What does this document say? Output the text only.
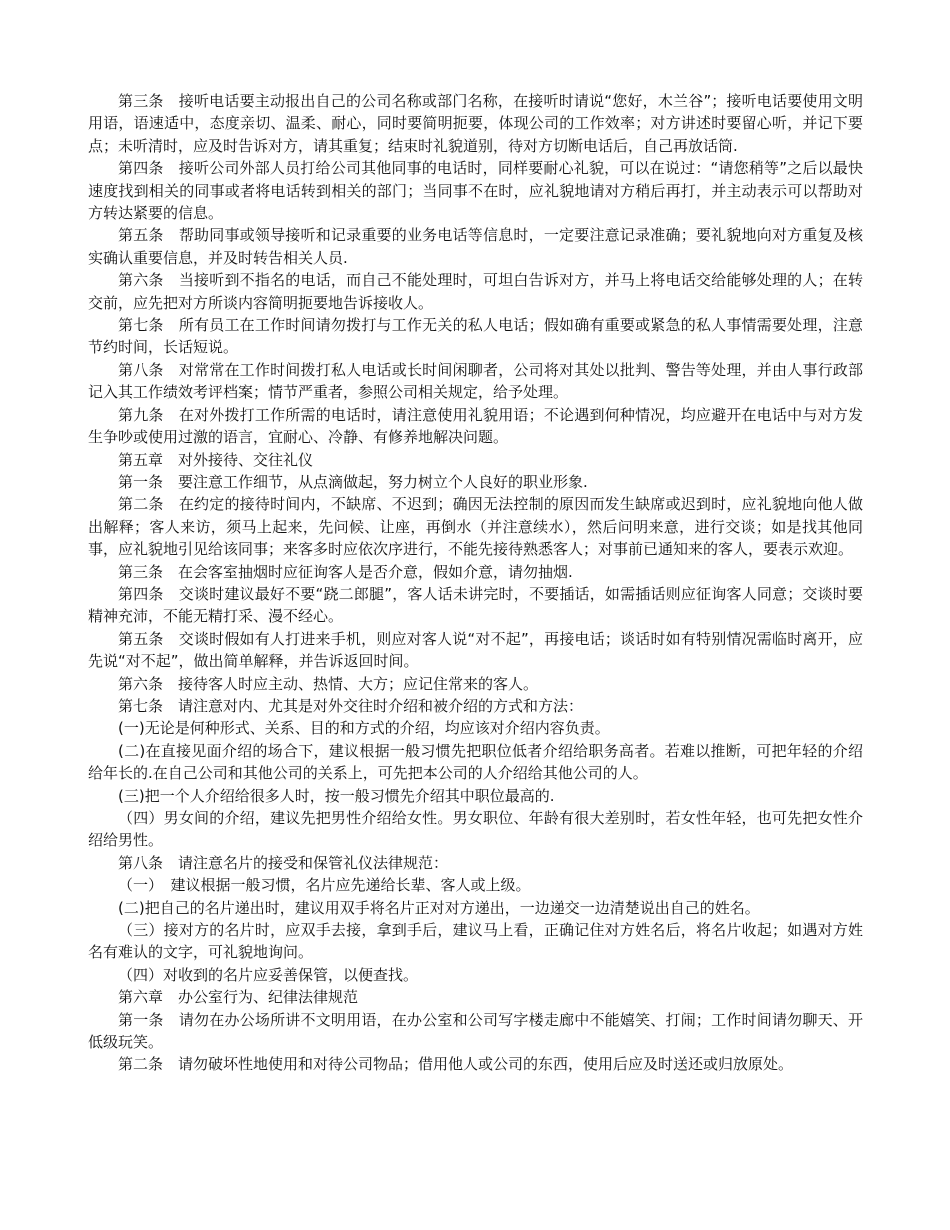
第三条　接听电话要主动报出自己的公司名称或部门名称，在接听时请说“您好，木兰谷”；接听电话要使用文明用语，语速适中，态度亲切、温柔、耐心，同时要简明扼要，体现公司的工作效率；对方讲述时要留心听，并记下要点；未听清时，应及时告诉对方，请其重复；结束时礼貌道别，待对方切断电话后，自己再放话筒.

第四条　接听公司外部人员打给公司其他同事的电话时，同样要耐心礼貌，可以在说过：“请您稍等”之后以最快速度找到相关的同事或者将电话转到相关的部门；当同事不在时，应礼貌地请对方稍后再打，并主动表示可以帮助对方转达紧要的信息。

第五条　帮助同事或领导接听和记录重要的业务电话等信息时，一定要注意记录准确；要礼貌地向对方重复及核实确认重要信息，并及时转告相关人员.

第六条　当接听到不指名的电话，而自己不能处理时，可坦白告诉对方，并马上将电话交给能够处理的人；在转交前，应先把对方所谈内容简明扼要地告诉接收人。

第七条　所有员工在工作时间请勿拨打与工作无关的私人电话；假如确有重要或紧急的私人事情需要处理，注意节约时间，长话短说。

第八条　对常常在工作时间拨打私人电话或长时间闲聊者，公司将对其处以批判、警告等处理，并由人事行政部记入其工作绩效考评档案；情节严重者，参照公司相关规定，给予处理。

第九条　在对外拨打工作所需的电话时，请注意使用礼貌用语；不论遇到何种情况，均应避开在电话中与对方发生争吵或使用过激的语言，宜耐心、冷静、有修养地解决问题。

第五章　对外接待、交往礼仪

第一条　要注意工作细节，从点滴做起，努力树立个人良好的职业形象.

第二条　在约定的接待时间内，不缺席、不迟到；确因无法控制的原因而发生缺席或迟到时，应礼貌地向他人做出解释；客人来访，须马上起来，先问候、让座，再倒水（并注意续水），然后问明来意，进行交谈；如是找其他同事，应礼貌地引见给该同事；来客多时应依次序进行，不能先接待熟悉客人；对事前已通知来的客人，要表示欢迎。

第三条　在会客室抽烟时应征询客人是否介意，假如介意，请勿抽烟.

第四条　交谈时建议最好不要“跷二郎腿”，客人话未讲完时，不要插话，如需插话则应征询客人同意；交谈时要精神充沛，不能无精打采、漫不经心。

第五条　交谈时假如有人打进来手机，则应对客人说“对不起”，再接电话；谈话时如有特别情况需临时离开，应先说“对不起”，做出简单解释，并告诉返回时间。

第六条　接待客人时应主动、热情、大方；应记住常来的客人。

第七条　请注意对内、尤其是对外交往时介绍和被介绍的方式和方法：

(一)无论是何种形式、关系、目的和方式的介绍，均应该对介绍内容负责。

(二)在直接见面介绍的场合下，建议根据一般习惯先把职位低者介绍给职务高者。若难以推断，可把年轻的介绍给年长的.在自己公司和其他公司的关系上，可先把本公司的人介绍给其他公司的人。

(三)把一个人介绍给很多人时，按一般习惯先介绍其中职位最高的.

（四）男女间的介绍，建议先把男性介绍给女性。男女职位、年龄有很大差别时，若女性年轻，也可先把女性介绍给男性。

第八条　请注意名片的接受和保管礼仪法律规范：

（一）　建议根据一般习惯，名片应先递给长辈、客人或上级。

(二)把自己的名片递出时，建议用双手将名片正对对方递出，一边递交一边清楚说出自己的姓名。

（三）接对方的名片时，应双手去接，拿到手后，建议马上看，正确记住对方姓名后，将名片收起；如遇对方姓名有难认的文字，可礼貌地询问。

（四）对收到的名片应妥善保管，以便查找。

第六章　办公室行为、纪律法律规范

第一条　请勿在办公场所讲不文明用语，在办公室和公司写字楼走廊中不能嬉笑、打闹；工作时间请勿聊天、开低级玩笑。

第二条　请勿破坏性地使用和对待公司物品；借用他人或公司的东西，使用后应及时送还或归放原处。
